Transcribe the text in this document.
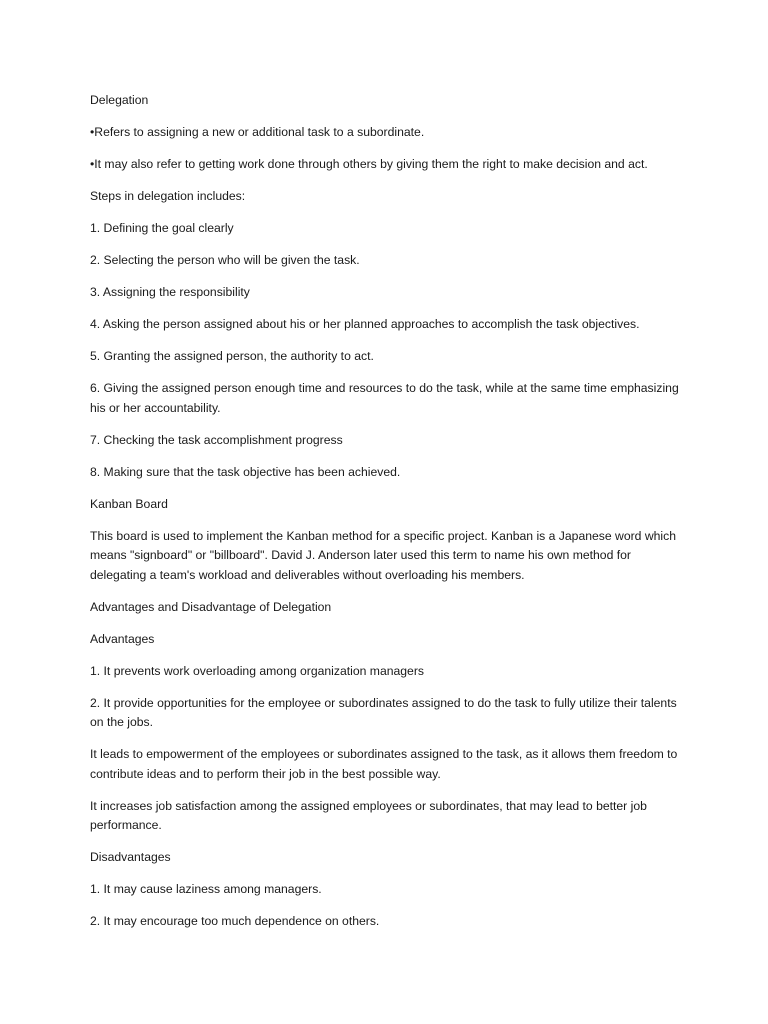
Delegation

•Refers to assigning a new or additional task to a subordinate.

•It may also refer to getting work done through others by giving them the right to make decision and act.

Steps in delegation includes:

1. Defining the goal clearly

2. Selecting the person who will be given the task.

3. Assigning the responsibility

4. Asking the person assigned about his or her planned approaches to accomplish the task objectives.

5. Granting the assigned person, the authority to act.

6. Giving the assigned person enough time and resources to do the task, while at the same time emphasizing his or her accountability.

7. Checking the task accomplishment progress

8. Making sure that the task objective has been achieved.

Kanban Board

This board is used to implement the Kanban method for a specific project. Kanban is a Japanese word which means "signboard" or "billboard". David J. Anderson later used this term to name his own method for delegating a team's workload and deliverables without overloading his members.

Advantages and Disadvantage of Delegation

Advantages

1. It prevents work overloading among organization managers

2. It provide opportunities for the employee or subordinates assigned to do the task to fully utilize their talents on the jobs.

It leads to empowerment of the employees or subordinates assigned to the task, as it allows them freedom to contribute ideas and to perform their job in the best possible way.

It increases job satisfaction among the assigned employees or subordinates, that may lead to better job performance.

Disadvantages

1. It may cause laziness among managers.

2. It may encourage too much dependence on others.
